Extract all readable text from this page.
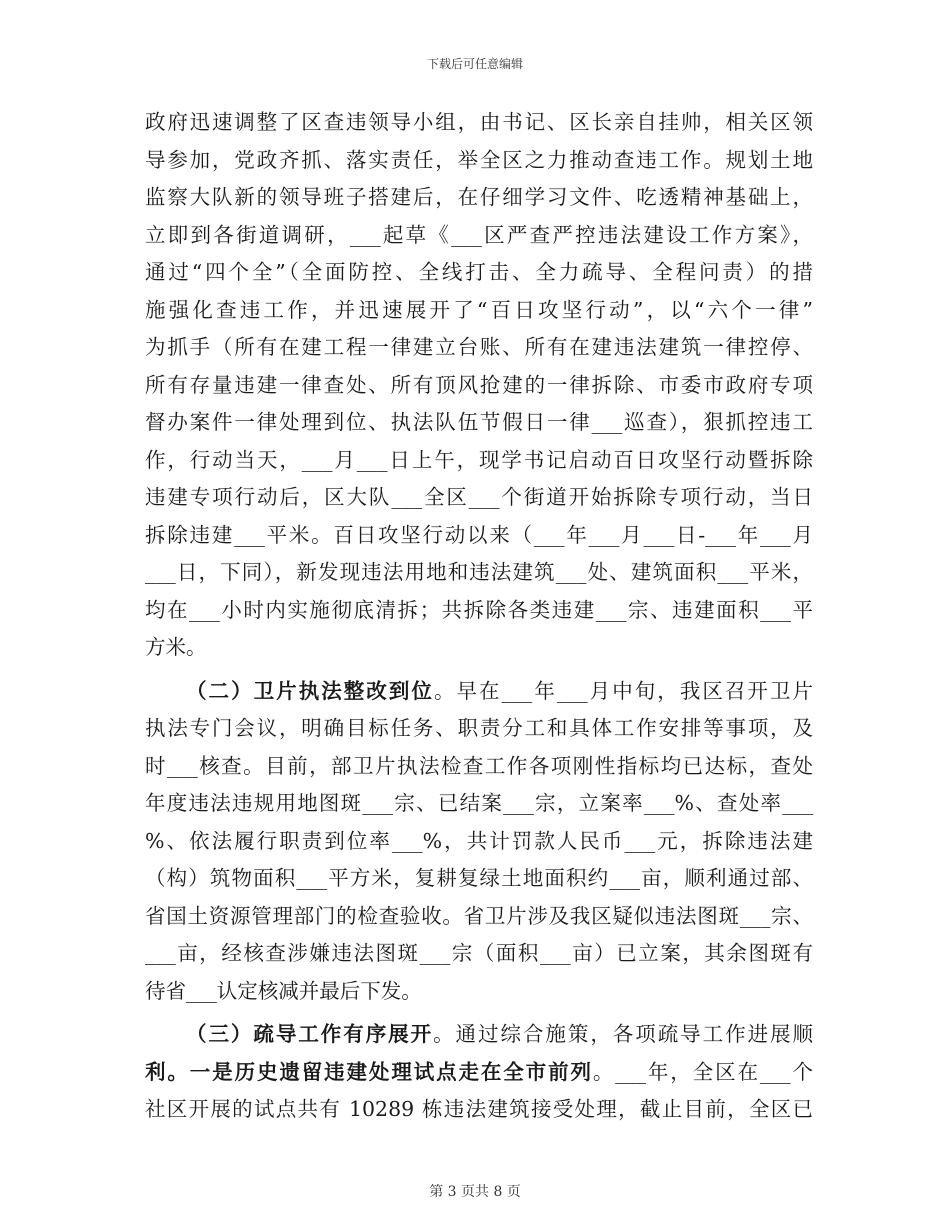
下载后可任意编辑
政府迅速调整了区查违领导小组，由书记、区长亲自挂帅，相关区领
导参加，党政齐抓、落实责任，举全区之力推动查违工作。规划土地
监察大队新的领导班子搭建后，在仔细学习文件、吃透精神基础上，
立即到各街道调研，___起草《___区严查严控违法建设工作方案》，
通过“四个全”（全面防控、全线打击、全力疏导、全程问责）的措
施强化查违工作，并迅速展开了“百日攻坚行动”，以“六个一律”
为抓手（所有在建工程一律建立台账、所有在建违法建筑一律控停、
所有存量违建一律查处、所有顶风抢建的一律拆除、市委市政府专项
督办案件一律处理到位、执法队伍节假日一律___巡查），狠抓控违工
作，行动当天，___月___日上午，现学书记启动百日攻坚行动暨拆除
违建专项行动后，区大队___全区___个街道开始拆除专项行动，当日
拆除违建___平米。百日攻坚行动以来（___年___月___日-___年___月
___日，下同），新发现违法用地和违法建筑___处、建筑面积___平米，
均在___小时内实施彻底清拆；共拆除各类违建___宗、违建面积___平
方米。
（二）卫片执法整改到位。早在___年___月中旬，我区召开卫片
执法专门会议，明确目标任务、职责分工和具体工作安排等事项，及
时___核查。目前，部卫片执法检查工作各项刚性指标均已达标，查处
年度违法违规用地图斑___宗、已结案___宗，立案率___%、查处率___
%、依法履行职责到位率___%，共计罚款人民币___元，拆除违法建
（构）筑物面积___平方米，复耕复绿土地面积约___亩，顺利通过部、
省国土资源管理部门的检查验收。省卫片涉及我区疑似违法图斑___宗、
___亩，经核查涉嫌违法图斑___宗（面积___亩）已立案，其余图斑有
待省___认定核减并最后下发。
（三）疏导工作有序展开。通过综合施策，各项疏导工作进展顺
利。一是历史遗留违建处理试点走在全市前列。___年，全区在___个
社区开展的试点共有 10289 栋违法建筑接受处理，截止目前，全区已
第 3 页共 8 页
